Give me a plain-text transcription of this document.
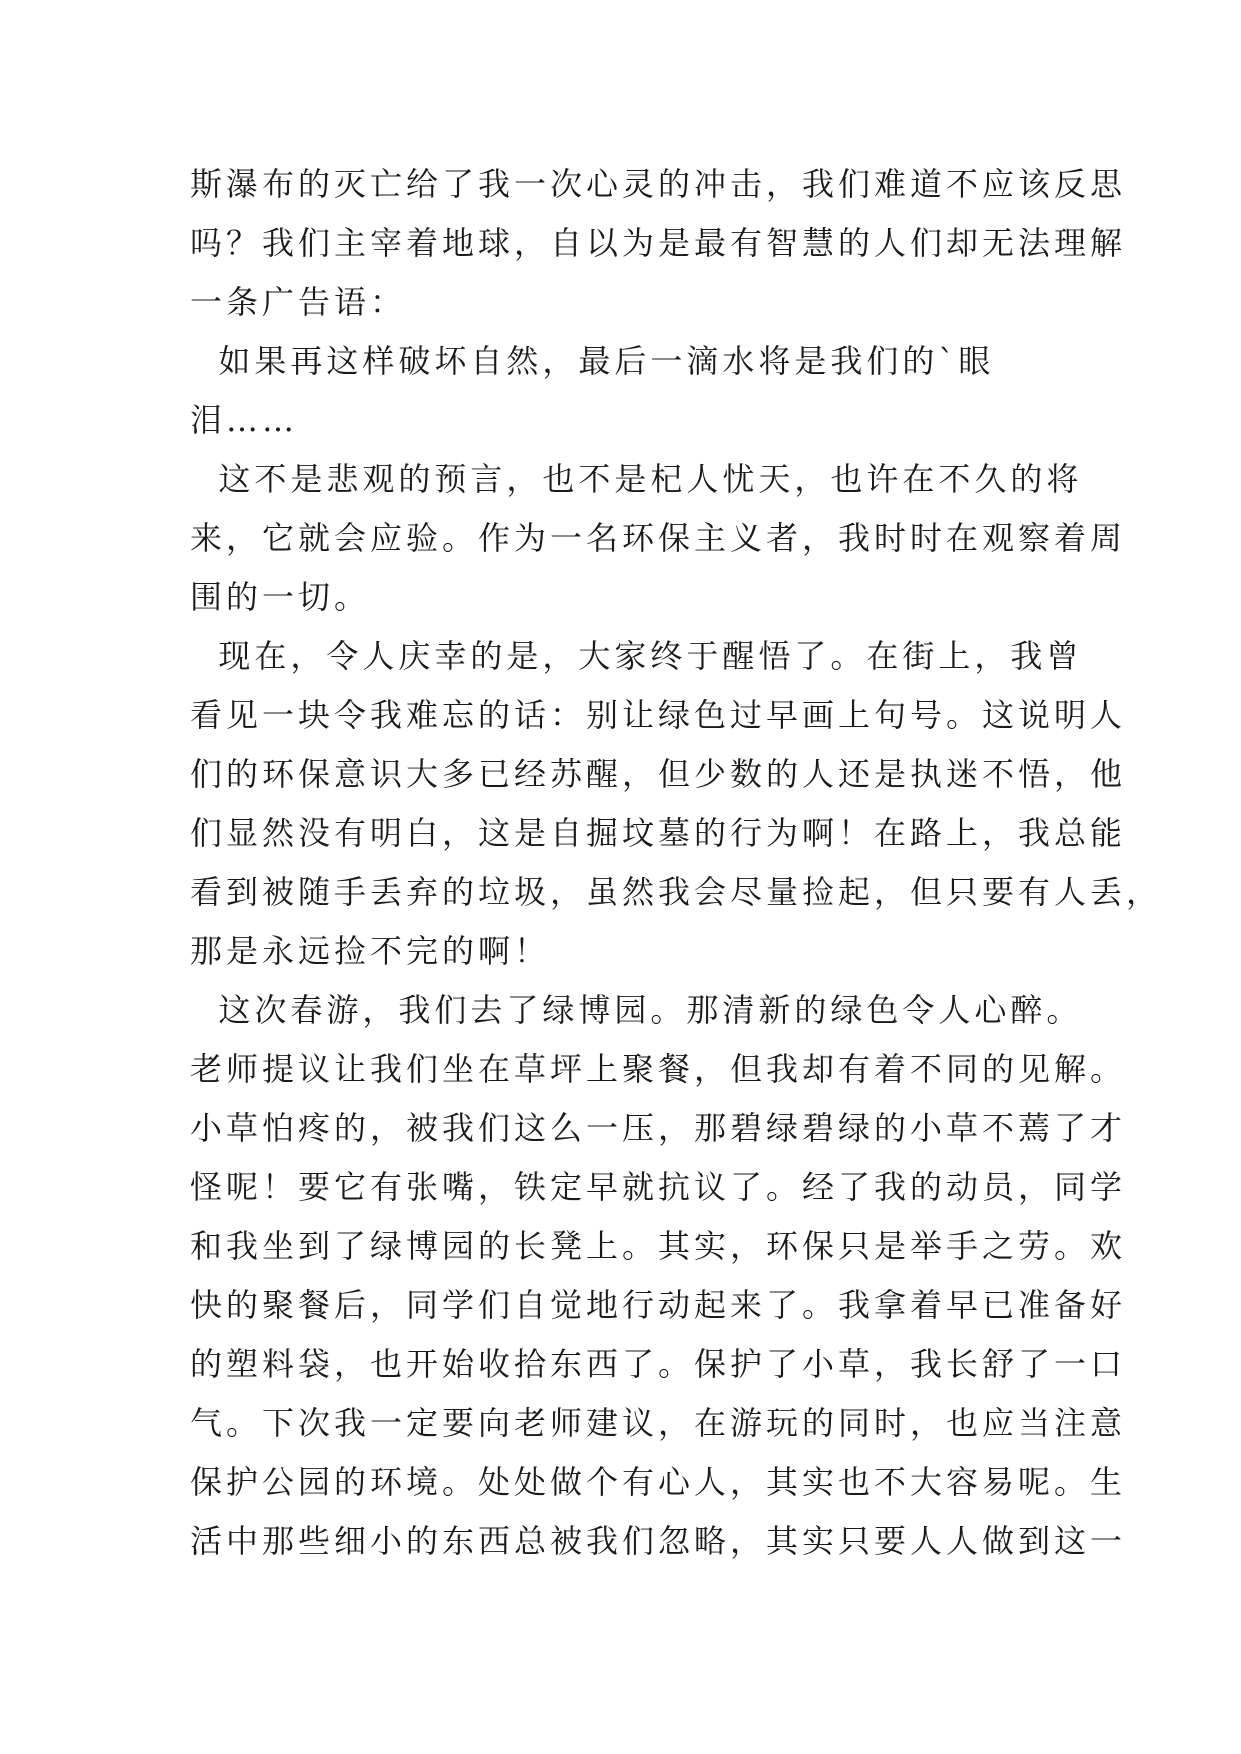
斯瀑布的灭亡给了我一次心灵的冲击，我们难道不应该反思
吗？我们主宰着地球，自以为是最有智慧的人们却无法理解
一条广告语：
如果再这样破坏自然，最后一滴水将是我们的`眼
泪……
这不是悲观的预言，也不是杞人忧天，也许在不久的将
来，它就会应验。作为一名环保主义者，我时时在观察着周
围的一切。
现在，令人庆幸的是，大家终于醒悟了。在街上，我曾
看见一块令我难忘的话：别让绿色过早画上句号。这说明人
们的环保意识大多已经苏醒，但少数的人还是执迷不悟，他
们显然没有明白，这是自掘坟墓的行为啊！在路上，我总能
看到被随手丢弃的垃圾，虽然我会尽量捡起，但只要有人丢，
那是永远捡不完的啊！
这次春游，我们去了绿博园。那清新的绿色令人心醉。
老师提议让我们坐在草坪上聚餐，但我却有着不同的见解。
小草怕疼的，被我们这么一压，那碧绿碧绿的小草不蔫了才
怪呢！要它有张嘴，铁定早就抗议了。经了我的动员，同学
和我坐到了绿博园的长凳上。其实，环保只是举手之劳。欢
快的聚餐后，同学们自觉地行动起来了。我拿着早已准备好
的塑料袋，也开始收拾东西了。保护了小草，我长舒了一口
气。下次我一定要向老师建议，在游玩的同时，也应当注意
保护公园的环境。处处做个有心人，其实也不大容易呢。生
活中那些细小的东西总被我们忽略，其实只要人人做到这一
